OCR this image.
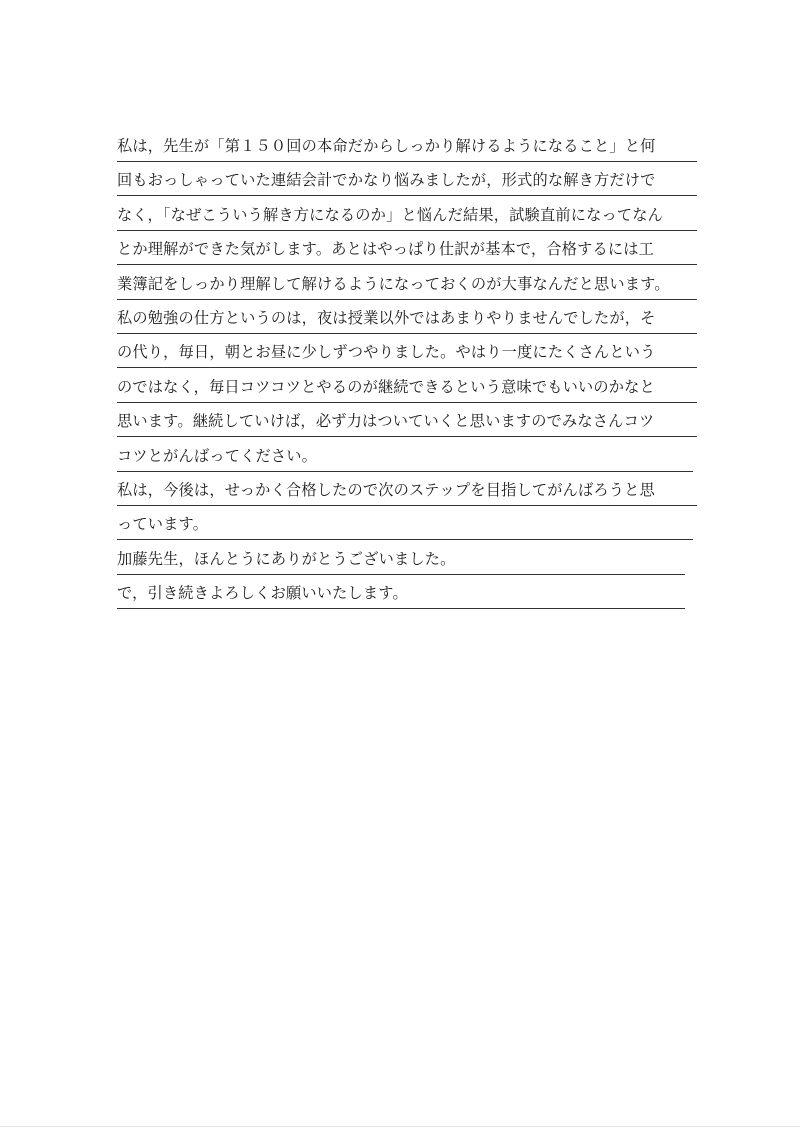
私は，先生が「第１５０回の本命だからしっかり解けるようになること」と何
回もおっしゃっていた連結会計でかなり悩みましたが，形式的な解き方だけで
なく，「なぜこういう解き方になるのか」と悩んだ結果，試験直前になってなん
とか理解ができた気がします。あとはやっぱり仕訳が基本で，合格するには工
業簿記をしっかり理解して解けるようになっておくのが大事なんだと思います。
私の勉強の仕方というのは，夜は授業以外ではあまりやりませんでしたが，そ
の代り，毎日，朝とお昼に少しずつやりました。やはり一度にたくさんという
のではなく，毎日コツコツとやるのが継続できるという意味でもいいのかなと
思います。継続していけば，必ず力はついていくと思いますのでみなさんコツ
コツとがんばってください。
私は，今後は，せっかく合格したので次のステップを目指してがんばろうと思
っています。
加藤先生，ほんとうにありがとうございました。
で，引き続きよろしくお願いいたします。
